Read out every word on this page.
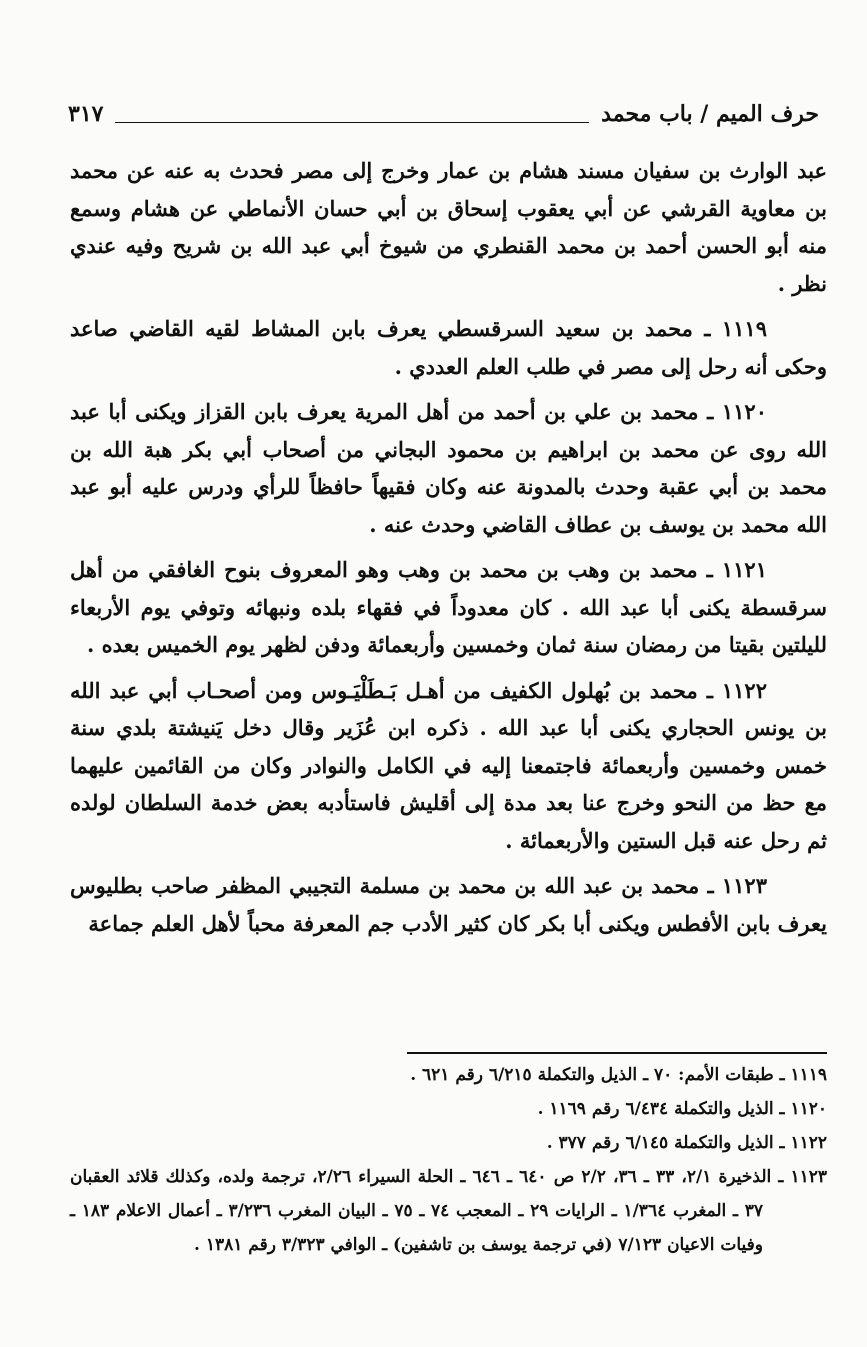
حرف الميم / باب محمد
٣١٧

عبد الوارث بن سفيان مسند هشام بن عمار وخرج إلى مصر فحدث به عنه عن محمد بن معاوية القرشي عن أبي يعقوب إسحاق بن أبي حسان الأنماطي عن هشام وسمع منه أبو الحسن أحمد بن محمد القنطري من شيوخ أبي عبد الله بن شريح وفيه عندي نظر .

١١١٩ ـ محمد بن سعيد السرقسطي يعرف بابن المشاط لقيه القاضي صاعد وحكى أنه رحل إلى مصر في طلب العلم العددي .

١١٢٠ ـ محمد بن علي بن أحمد من أهل المرية يعرف بابن القزاز ويكنى أبا عبد الله روى عن محمد بن ابراهيم بن محمود البجاني من أصحاب أبي بكر هبة الله بن محمد بن أبي عقبة وحدث بالمدونة عنه وكان فقيهاً حافظاً للرأي ودرس عليه أبو عبد الله محمد بن يوسف بن عطاف القاضي وحدث عنه .

١١٢١ ـ محمد بن وهب بن محمد بن وهب وهو المعروف بنوح الغافقي من أهل سرقسطة يكنى أبا عبد الله . كان معدوداً في فقهاء بلده ونبهائه وتوفي يوم الأربعاء لليلتين بقيتا من رمضان سنة ثمان وخمسين وأربعمائة ودفن لظهر يوم الخميس بعده .

١١٢٢ ـ محمد بن بُهلول الكفيف من أهـل بَـطَلْيَـوس ومن أصحـاب أبي عبد الله بن يونس الحجاري يكنى أبا عبد الله . ذكره ابن عُزَير وقال دخل يَنيشتة بلدي سنة خمس وخمسين وأربعمائة فاجتمعنا إليه في الكامل والنوادر وكان من القائمين عليهما مع حظ من النحو وخرج عنا بعد مدة إلى أقليش فاستأدبه بعض خدمة السلطان لولده ثم رحل عنه قبل الستين والأربعمائة .

١١٢٣ ـ محمد بن عبد الله بن محمد بن مسلمة التجيبي المظفر صاحب بطليوس يعرف بابن الأفطس ويكنى أبا بكر كان كثير الأدب جم المعرفة محباً لأهل العلم جماعة

١١١٩ ـ طبقات الأمم: ٧٠ ـ الذيل والتكملة ٦/٢١٥ رقم ٦٢١ .

١١٢٠ ـ الذيل والتكملة ٦/٤٣٤ رقم ١١٦٩ .

١١٢٢ ـ الذيل والتكملة ٦/١٤٥ رقم ٣٧٧ .

١١٢٣ ـ الذخيرة ٢/١، ٣٣ ـ ٣٦، ٢/٢ ص ٦٤٠ ـ ٦٤٦ ـ الحلة السيراء ٢/٢٦، ترجمة ولده، وكذلك قلائد العقبان ٣٧ ـ المغرب ١/٣٦٤ ـ الرايات ٢٩ ـ المعجب ٧٤ ـ ٧٥ ـ البيان المغرب ٣/٢٣٦ ـ أعمال الاعلام ١٨٣ ـ وفيات الاعيان ٧/١٢٣ (في ترجمة يوسف بن تاشفين) ـ الوافي ٣/٣٢٣ رقم ١٣٨١ .
